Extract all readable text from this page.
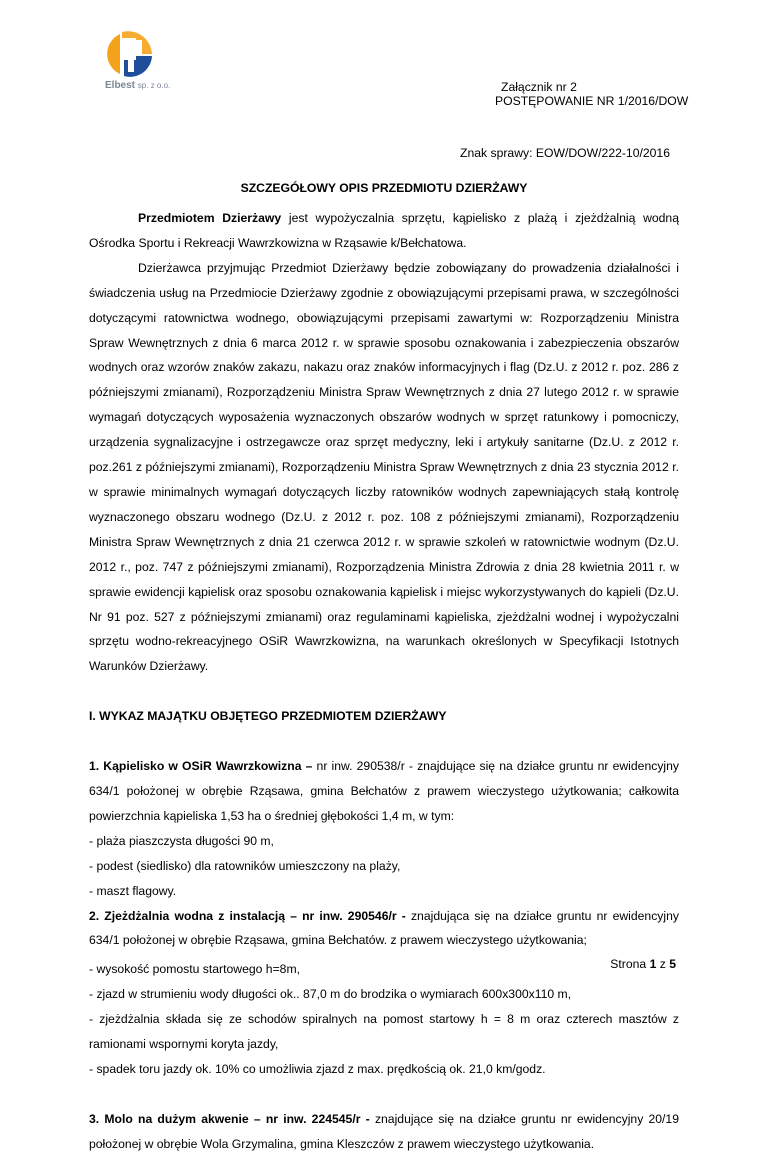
Elbest sp. z o.o.	Załącznik nr 2
POSTĘPOWANIE NR 1/2016/DOW
Znak sprawy: EOW/DOW/222-10/2016
SZCZEGÓŁOWY OPIS PRZEDMIOTU DZIERŻAWY

Przedmiotem Dzierżawy jest wypożyczalnia sprzętu, kąpielisko z plażą i zjeżdżalnią wodną Ośrodka Sportu i Rekreacji Wawrzkowizna w Rząsawie k/Bełchatowa.

Dzierżawca przyjmując Przedmiot Dzierżawy będzie zobowiązany do prowadzenia działalności i świadczenia usług na Przedmiocie Dzierżawy zgodnie z obowiązującymi przepisami prawa, w szczególności dotyczącymi ratownictwa wodnego, obowiązującymi przepisami zawartymi w: Rozporządzeniu Ministra Spraw Wewnętrznych z dnia 6 marca 2012 r. w sprawie sposobu oznakowania i zabezpieczenia obszarów wodnych oraz wzorów znaków zakazu, nakazu oraz znaków informacyjnych i flag (Dz.U. z 2012 r. poz. 286 z późniejszymi zmianami), Rozporządzeniu Ministra Spraw Wewnętrznych z dnia 27 lutego 2012 r. w sprawie wymagań dotyczących wyposażenia wyznaczonych obszarów wodnych w sprzęt ratunkowy i pomocniczy, urządzenia sygnalizacyjne i ostrzegawcze oraz sprzęt medyczny, leki i artykuły sanitarne (Dz.U. z 2012 r. poz.261 z późniejszymi zmianami), Rozporządzeniu Ministra Spraw Wewnętrznych z dnia 23 stycznia 2012 r. w sprawie minimalnych wymagań dotyczących liczby ratowników wodnych zapewniających stałą kontrolę wyznaczonego obszaru wodnego (Dz.U. z 2012 r. poz. 108 z późniejszymi zmianami), Rozporządzeniu Ministra Spraw Wewnętrznych z dnia 21 czerwca 2012 r. w sprawie szkoleń w ratownictwie wodnym (Dz.U. 2012 r., poz. 747 z późniejszymi zmianami), Rozporządzenia Ministra Zdrowia z dnia 28 kwietnia 2011 r. w sprawie ewidencji kąpielisk oraz sposobu oznakowania kąpielisk i miejsc wykorzystywanych do kąpieli (Dz.U. Nr 91 poz. 527 z późniejszymi zmianami) oraz regulaminami kąpieliska, zjeżdżalni wodnej i wypożyczalni sprzętu wodno-rekreacyjnego OSiR Wawrzkowizna, na warunkach określonych w Specyfikacji Istotnych Warunków Dzierżawy.

I. WYKAZ MAJĄTKU OBJĘTEGO PRZEDMIOTEM DZIERŻAWY

1. Kąpielisko w OSiR Wawrzkowizna – nr inw. 290538/r - znajdujące się na działce gruntu nr ewidencyjny 634/1 położonej w obrębie Rząsawa, gmina Bełchatów z prawem wieczystego użytkowania; całkowita powierzchnia kąpieliska 1,53 ha o średniej głębokości 1,4 m, w tym:

- plaża piaszczysta długości 90 m,

- podest (siedlisko) dla ratowników umieszczony na plaży,

- maszt flagowy.

2. Zjeżdżalnia wodna z instalacją – nr inw. 290546/r - znajdująca się na działce gruntu nr ewidencyjny 634/1 położonej w obrębie Rząsawa, gmina Bełchatów. z prawem wieczystego użytkowania;

- wysokość pomostu startowego h=8m,

- zjazd w strumieniu wody długości ok.. 87,0 m do brodzika o wymiarach 600x300x110 m,

- zjeżdżalnia składa się ze schodów spiralnych na pomost startowy h = 8 m oraz czterech masztów z ramionami wspornymi koryta jazdy,

- spadek toru jazdy ok. 10% co umożliwia zjazd z max. prędkością ok. 21,0 km/godz.

3. Molo na dużym akwenie – nr inw. 224545/r - znajdujące się na działce gruntu nr ewidencyjny 20/19 położonej w obrębie Wola Grzymalina, gmina Kleszczów z prawem wieczystego użytkowania.

Strona 1 z 5
